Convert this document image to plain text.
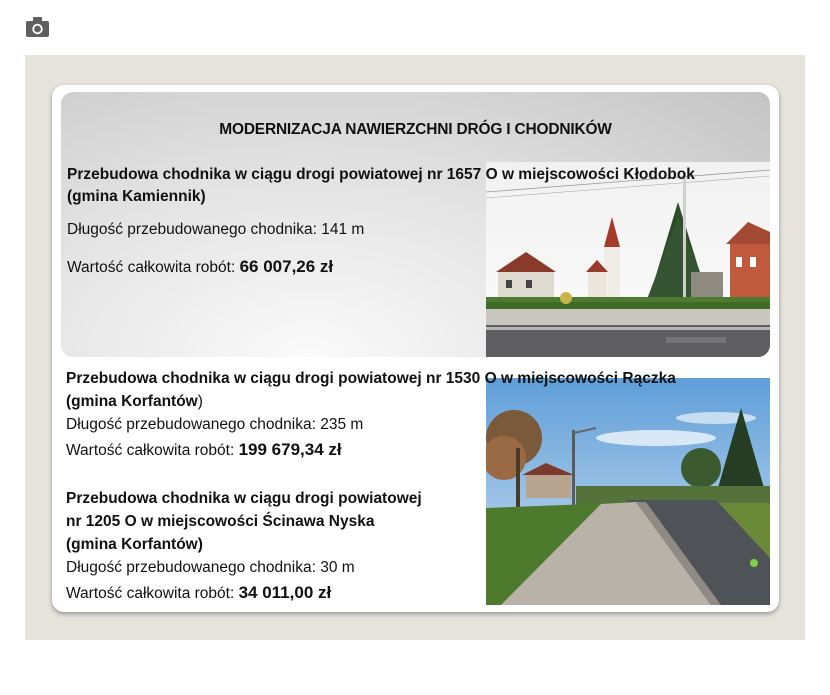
MODERNIZACJA NAWIERZCHNI DRÓG I CHODNIKÓW
Przebudowa chodnika w ciągu drogi powiatowej nr 1657 O w miejscowości Kłodobok
(gmina Kamiennik)
Długość przebudowanego chodnika: 141 m
Wartość całkowita robót: 66 007,26 zł
Przebudowa chodnika w ciągu drogi powiatowej nr 1530 O w miejscowości Rączka
(gmina Korfantów)
Długość przebudowanego chodnika: 235 m
Wartość całkowita robót: 199 679,34 zł
Przebudowa chodnika w ciągu drogi powiatowej
nr 1205 O w miejscowości Ścinawa Nyska
(gmina Korfantów)
Długość przebudowanego chodnika: 30 m
Wartość całkowita robót: 34 011,00 zł
